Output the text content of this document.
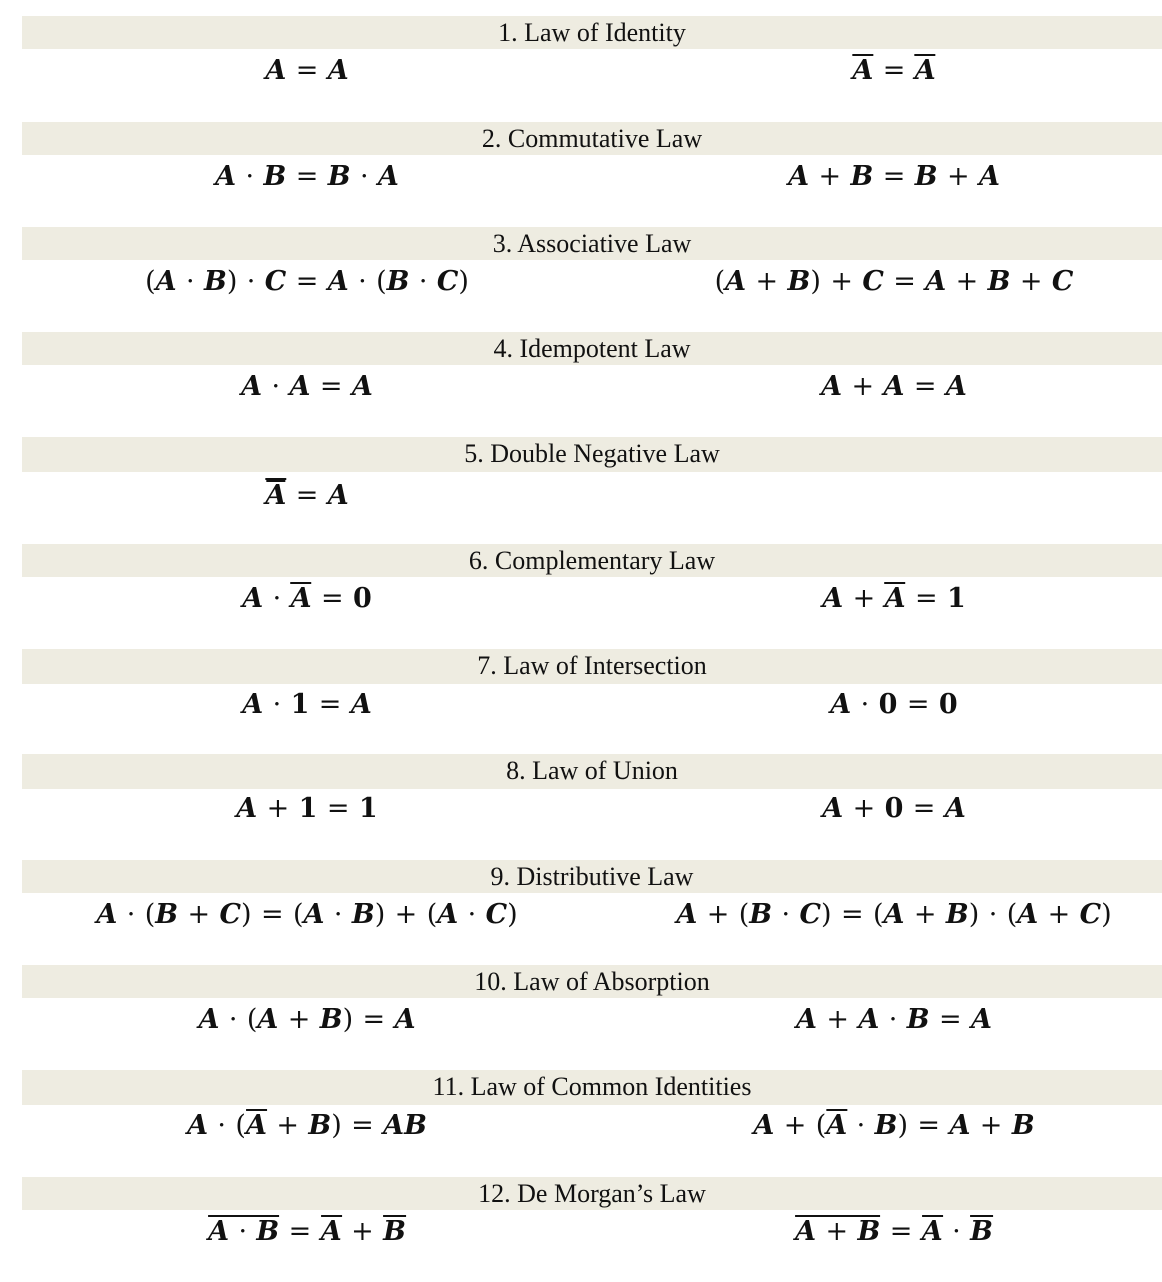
1. Law of Identity
A = A	A = A
2. Commutative Law
A · B = B · A	A + B = B + A
3. Associative Law
(A · B) · C = A · (B · C)	(A + B) + C = A + B + C
4. Idempotent Law
A · A = A	A + A = A
5. Double Negative Law
$\overline{A} = A$
6. Complementary Law
A · A = 0	A + A = 1
7. Law of Intersection
A · 1 = A	A · 0 = 0
8. Law of Union
A + 1 = 1	A + 0 = A
9. Distributive Law
A · (B + C) = (A · B) + (A · C)	A + (B · C) = (A + B) · (A + C)
10. Law of Absorption
A · (A + B) = A	A + A · B = A
11. Law of Common Identities
A · (A + B) = AB	A + (A · B) = A + B
12. De Morgan’s Law
A · B = A + B	A + B = A · B
